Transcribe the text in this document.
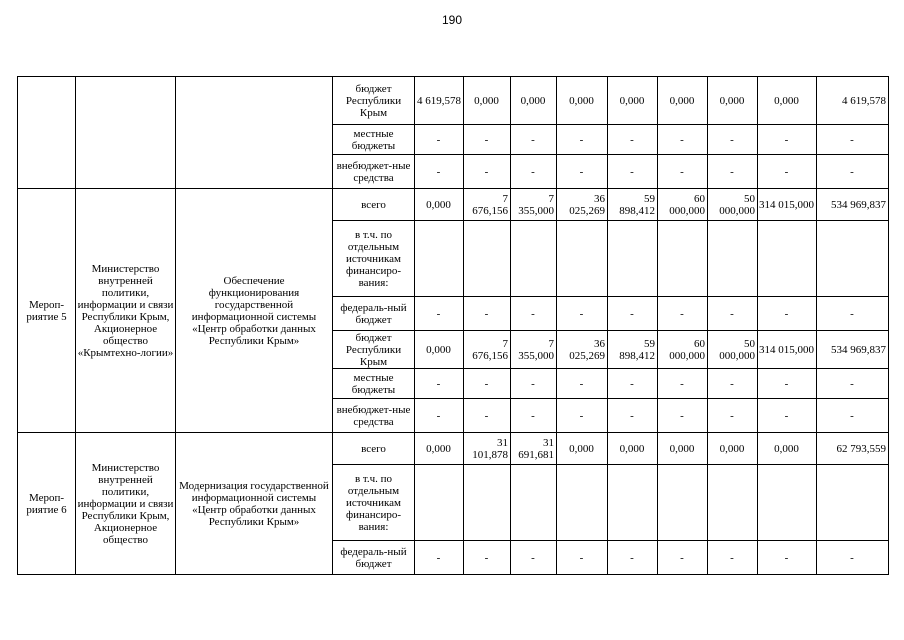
190
			бюджет Республики Крым	4 619,578	0,000	0,000	0,000	0,000	0,000	0,000	0,000	4 619,578
			местные бюджеты	-	-	-	-	-	-	-	-	-
			внебюджет-ные средства	-	-	-	-	-	-	-	-	-
Мероп-риятие 5	Министерство внутренней политики, информации и связи Республики Крым, Акционерное общество «Крымтехно-логии»	Обеспечение функционирования государственной информационной системы «Центр обработки данных Республики Крым»	всего	0,000	7 676,156	7 355,000	36 025,269	59 898,412	60 000,000	50 000,000	314 015,000	534 969,837
			в т.ч. по отдельным источникам финансиро-вания:									
			федераль-ный бюджет	-	-	-	-	-	-	-	-	-
			бюджет Республики Крым	0,000	7 676,156	7 355,000	36 025,269	59 898,412	60 000,000	50 000,000	314 015,000	534 969,837
			местные бюджеты	-	-	-	-	-	-	-	-	-
			внебюджет-ные средства	-	-	-	-	-	-	-	-	-
Мероп-риятие 6	Министерство внутренней политики, информации и связи Республики Крым, Акционерное общество	Модернизация государственной информационной системы «Центр обработки данных Республики Крым»	всего	0,000	31 101,878	31 691,681	0,000	0,000	0,000	0,000	0,000	62 793,559
			в т.ч. по отдельным источникам финансиро-вания:									
			федераль-ный бюджет	-	-	-	-	-	-	-	-	-
